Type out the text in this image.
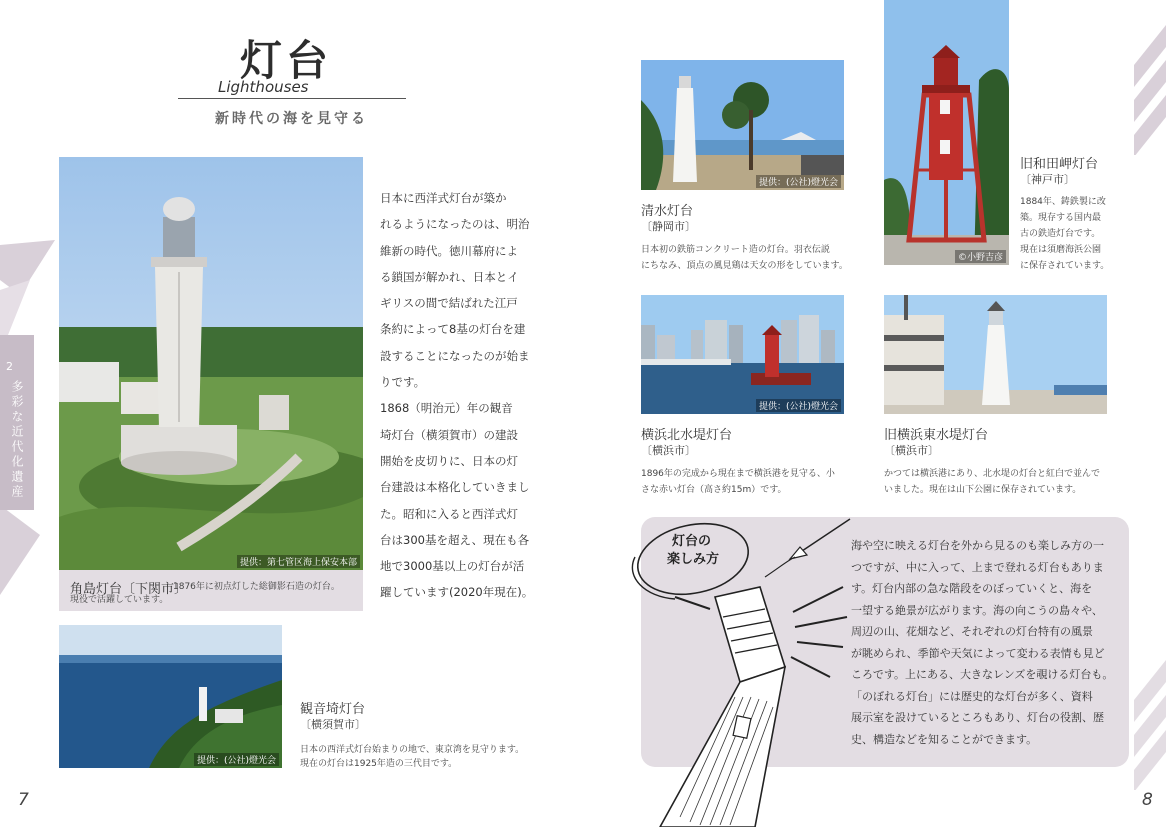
2
多彩な近代化遺産
灯台
Lighthouses
新時代の海を見守る
提供：第七管区海上保安本部
角島灯台〔下関市〕
1876年に初点灯した総御影石造の灯台。
現役で活躍しています。
日本に西洋式灯台が築か
れるようになったのは、明治
維新の時代。徳川幕府によ
る鎖国が解かれ、日本とイ
ギリスの間で結ばれた江戸
条約によって8基の灯台を建
設することになったのが始ま
りです。
1868（明治元）年の観音
埼灯台（横須賀市）の建設
開始を皮切りに、日本の灯
台建設は本格化していきまし
た。昭和に入ると西洋式灯
台は300基を超え、現在も各
地で3000基以上の灯台が活
躍しています(2020年現在)。
提供：(公社)燈光会
観音埼灯台
〔横須賀市〕
日本の西洋式灯台始まりの地で、東京湾を見守ります。
現在の灯台は1925年造の三代目です。
7
提供：(公社)燈光会
清水灯台
〔静岡市〕
日本初の鉄筋コンクリート造の灯台。羽衣伝説
にちなみ、頂点の風見鶏は天女の形をしています。
©小野吉彦
旧和田岬灯台
〔神戸市〕
1884年、鋳鉄製に改
築。現存する国内最
古の鉄造灯台です。
現在は須磨海浜公園
に保存されています。
提供：(公社)燈光会
横浜北水堤灯台
〔横浜市〕
1896年の完成から現在まで横浜港を見守る、小
さな赤い灯台（高さ約15m）です。
旧横浜東水堤灯台
〔横浜市〕
かつては横浜港にあり、北水堤の灯台と紅白で並んで
いました。現在は山下公園に保存されています。
灯台の
楽しみ方
海や空に映える灯台を外から見るのも楽しみ方の一
つですが、中に入って、上まで登れる灯台もありま
す。灯台内部の急な階段をのぼっていくと、海を
一望する絶景が広がります。海の向こうの島々や、
周辺の山、花畑など、それぞれの灯台特有の風景
が眺められ、季節や天気によって変わる表情も見ど
ころです。上にある、大きなレンズを覗ける灯台も。
「のぼれる灯台」には歴史的な灯台が多く、資料
展示室を設けているところもあり、灯台の役割、歴
史、構造などを知ることができます。
8
